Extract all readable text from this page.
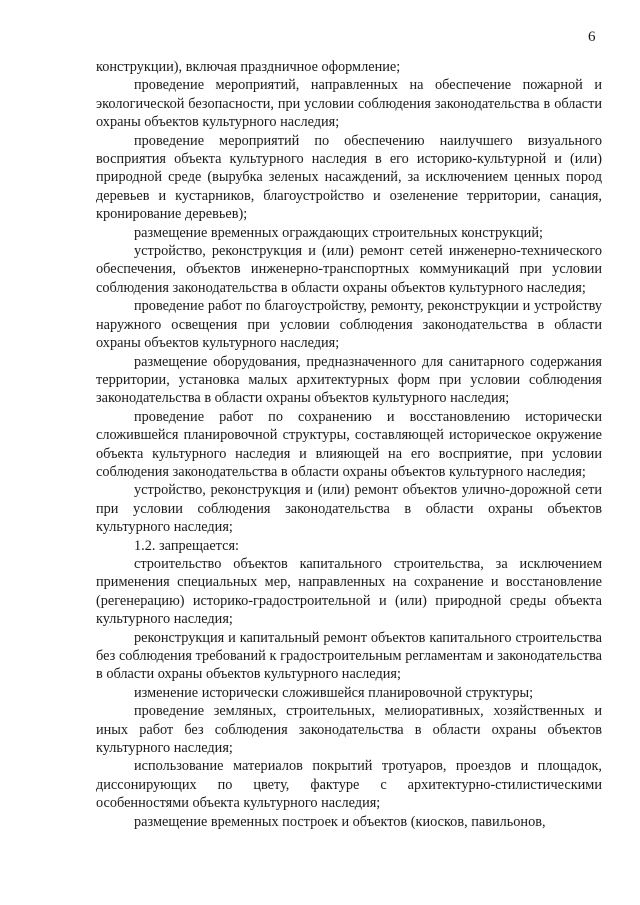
6

конструкции), включая праздничное оформление;

проведение мероприятий, направленных на обеспечение пожарной и экологической безопасности, при условии соблюдения законодательства в области охраны объектов культурного наследия;

проведение мероприятий по обеспечению наилучшего визуального восприятия объекта культурного наследия в его историко-культурной и (или) природной среде (вырубка зеленых насаждений, за исключением ценных пород деревьев и кустарников, благоустройство и озеленение территории, санация, кронирование деревьев);

размещение временных ограждающих строительных конструкций;

устройство, реконструкция и (или) ремонт сетей инженерно-технического обеспечения, объектов инженерно-транспортных коммуникаций при условии соблюдения законодательства в области охраны объектов культурного наследия;

проведение работ по благоустройству, ремонту, реконструкции и устройству наружного освещения при условии соблюдения законодательства в области охраны объектов культурного наследия;

размещение оборудования, предназначенного для санитарного содержания территории, установка малых архитектурных форм при условии соблюдения законодательства в области охраны объектов культурного наследия;

проведение работ по сохранению и восстановлению исторически сложившейся планировочной структуры, составляющей историческое окружение объекта культурного наследия и влияющей на его восприятие, при условии соблюдения законодательства в области охраны объектов культурного наследия;

устройство, реконструкция и (или) ремонт объектов улично-дорожной сети при условии соблюдения законодательства в области охраны объектов культурного наследия;

1.2. запрещается:

строительство объектов капитального строительства, за исключением применения специальных мер, направленных на сохранение и восстановление (регенерацию) историко-градостроительной и (или) природной среды объекта культурного наследия;

реконструкция и капитальный ремонт объектов капитального строительства без соблюдения требований к градостроительным регламентам и законодательства в области охраны объектов культурного наследия;

изменение исторически сложившейся планировочной структуры;

проведение земляных, строительных, мелиоративных, хозяйственных и иных работ без соблюдения законодательства в области охраны объектов культурного наследия;

использование материалов покрытий тротуаров, проездов и площадок, диссонирующих по цвету, фактуре с архитектурно-стилистическими особенностями объекта культурного наследия;

размещение временных построек и объектов (киосков, павильонов,
